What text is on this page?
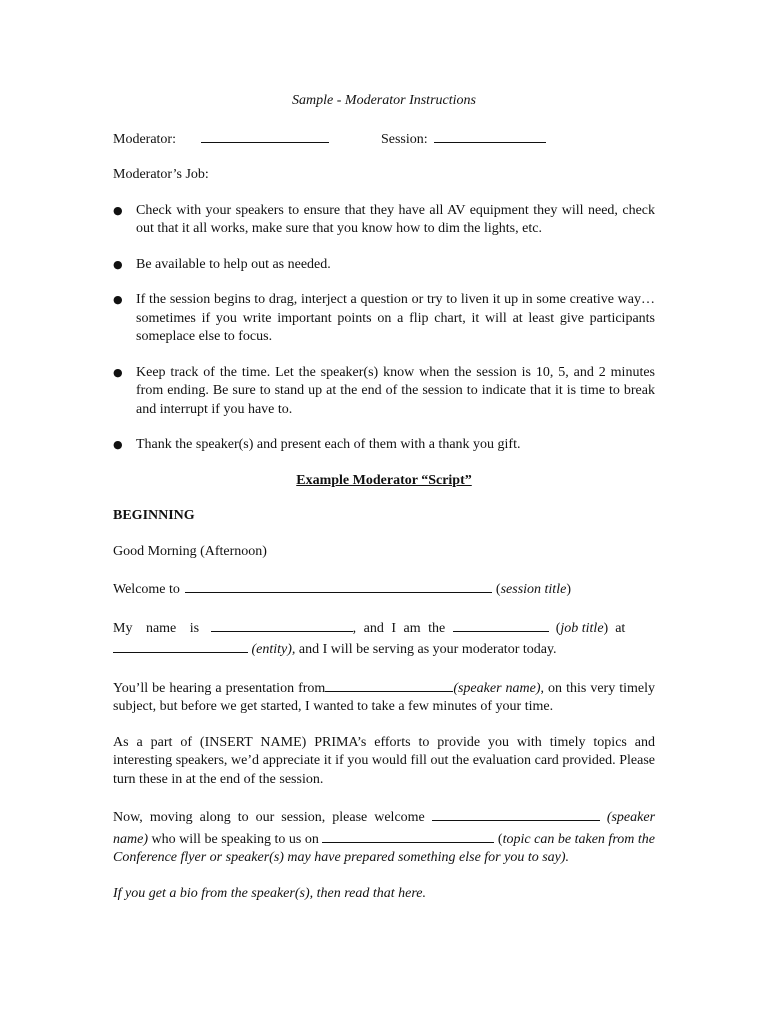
Sample - Moderator Instructions
Moderator:	Session:

Moderator’s Job:

● Check with your speakers to ensure that they have all AV equipment they will need, check out that it all works, make sure that you know how to dim the lights, etc.
● Be available to help out as needed.
● If the session begins to drag, interject a question or try to liven it up in some creative way…sometimes if you write important points on a flip chart, it will at least give participants someplace else to focus.
● Keep track of the time. Let the speaker(s) know when the session is 10, 5, and 2 minutes from ending. Be sure to stand up at the end of the session to indicate that it is time to break and interrupt if you have to.
● Thank the speaker(s) and present each of them with a thank you gift.
Example Moderator “Script”
BEGINNING

Good Morning (Afternoon)

Welcome to	(session title)

My name is	, and I am the	(job title)  at
(entity), and I will be serving as your moderator today.

You’ll be hearing a presentation from	(speaker name), on this very timely subject, but before we get started, I wanted to take a few minutes of your time.

As a part of (INSERT NAME) PRIMA’s efforts to provide you with timely topics and interesting speakers, we’d appreciate it if you would fill out the evaluation card provided. Please turn these in at the end of the session.

Now, moving along to our session, please welcome	(speaker name) who will be speaking to us on	(topic can be taken from the Conference flyer or speaker(s) may have prepared something else for you to say).

If you get a bio from the speaker(s), then read that here.
